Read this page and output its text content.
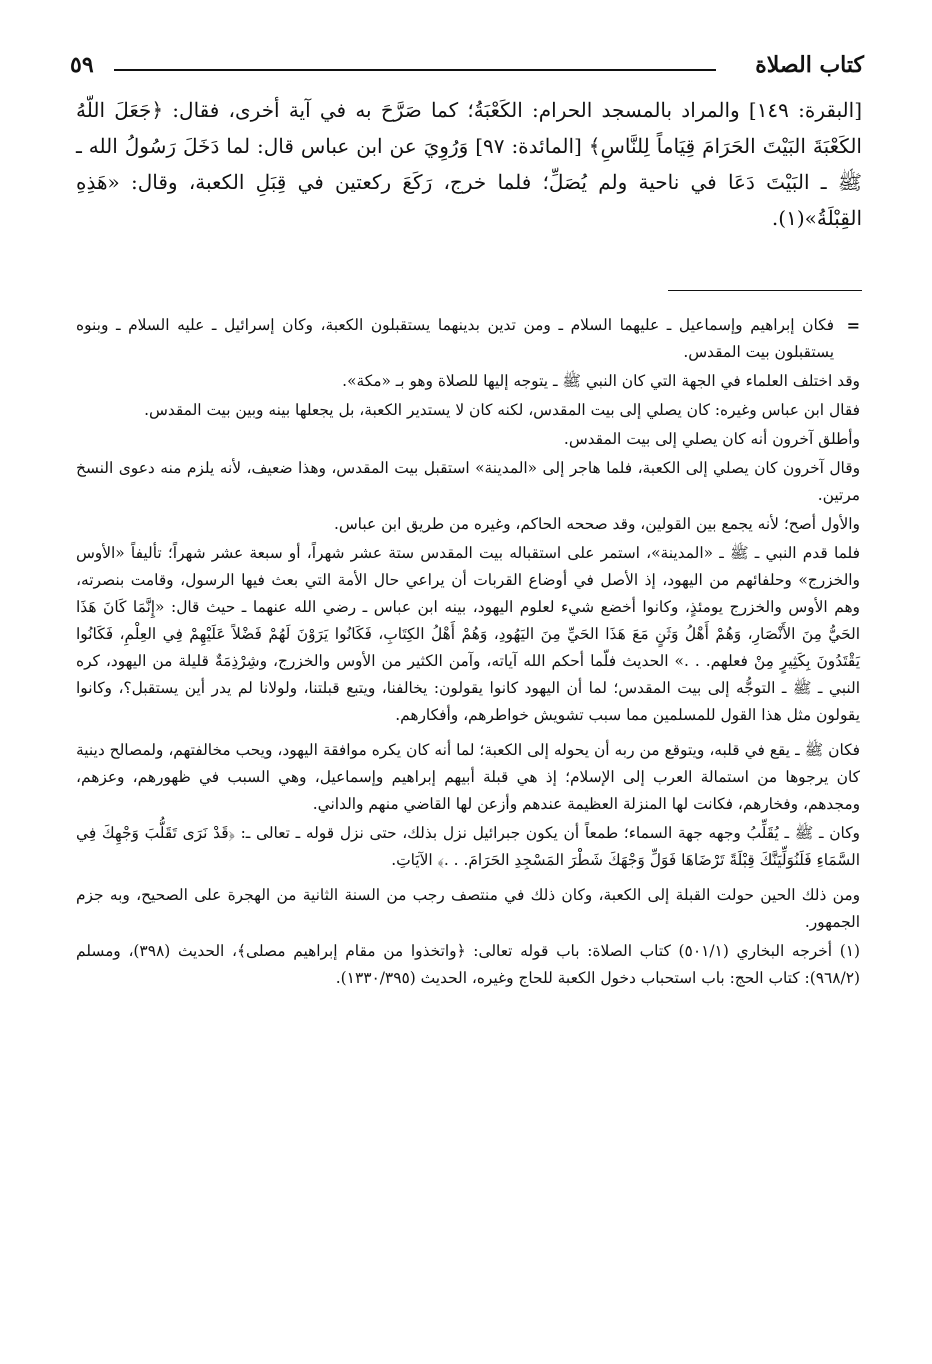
كتاب الصلاة
٥٩

[البقرة: ١٤٩] والمراد بالمسجد الحرام: الكَعْبَةُ؛ كما صَرَّحَ به في آية أخرى، فقال: ﴿جَعَلَ اللّهُ الكَعْبَةَ البَيْتَ الحَرَامَ قِيَاماً لِلنَّاسِ﴾ [المائدة: ٩٧] وَرُوِيَ عن ابن عباس قال: لما دَخَلَ رَسُولُ الله ـ ﷺ ـ البَيْتَ دَعَا في ناحية ولم يُصَلِّ؛ فلما خرج، رَكَعَ ركعتين في قِبَلِ الكعبة، وقال: «هَذِهِ القِبْلَةُ»(١).

=

فكان إبراهيم وإسماعيل ـ عليهما السلام ـ ومن تدين بدينهما يستقبلون الكعبة، وكان إسرائيل ـ عليه السلام ـ وبنوه يستقبلون بيت المقدس.

وقد اختلف العلماء في الجهة التي كان النبي ﷺ ـ يتوجه إليها للصلاة وهو بـ «مكة».

فقال ابن عباس وغيره: كان يصلي إلى بيت المقدس، لكنه كان لا يستدير الكعبة، بل يجعلها بينه وبين بيت المقدس.

وأطلق آخرون أنه كان يصلي إلى بيت المقدس.

وقال آخرون كان يصلي إلى الكعبة، فلما هاجر إلى «المدينة» استقبل بيت المقدس، وهذا ضعيف، لأنه يلزم منه دعوى النسخ مرتين.

والأول أصح؛ لأنه يجمع بين القولين، وقد صححه الحاكم، وغيره من طريق ابن عباس.

فلما قدم النبي ـ ﷺ ـ «المدينة»، استمر على استقباله بيت المقدس ستة عشر شهراً، أو سبعة عشر شهراً؛ تأليفاً «الأوس والخزرج» وحلفائهم من اليهود، إذ الأصل في أوضاع القربات أن يراعي حال الأمة التي بعث فيها الرسول، وقامت بنصرته، وهم الأوس والخزرج يومئذٍ، وكانوا أخضع شيء لعلوم اليهود، بينه ابن عباس ـ رضي الله عنهما ـ حيث قال: «إِنَّمَا كَانَ هَذَا الحَيُّ مِنَ الأَنْصَارِ، وَهُمْ أَهْلُ وَثَنٍ مَعَ هَذَا الحَيِّ مِنَ اليَهُودِ، وَهُمْ أَهْلُ الكِتَابِ، فَكَانُوا يَرَوْنَ لَهُمْ فَضْلاً عَلَيْهِمْ فِي العِلْمِ، فَكَانُوا يَقْتَدُونَ بِكَثِيرٍ مِنْ فعلهم. . .» الحديث فلّما أحكم الله آياته، وآمن الكثير من الأوس والخزرج، وشِرْذِمَةٌ قليلة من اليهود، كره النبي ـ ﷺ ـ التوجُّه إلى بيت المقدس؛ لما أن اليهود كانوا يقولون: يخالفنا، ويتبع قبلتنا، ولولانا لم يدر أين يستقبل؟، وكانوا يقولون مثل هذا القول للمسلمين مما سبب تشويش خواطرهم، وأفكارهم.

فكان ﷺ ـ يقع في قلبه، ويتوقع من ربه أن يحوله إلى الكعبة؛ لما أنه كان يكره موافقة اليهود، ويحب مخالفتهم، ولمصالح دينية كان يرجوها من استمالة العرب إلى الإسلام؛ إذ هي قبلة أبيهم إبراهيم وإسماعيل، وهي السبب في ظهورهم، وعزهم، ومجدهم، وفخارهم، فكانت لها المنزلة العظيمة عندهم وأزعن لها القاضي منهم والداني.

وكان ـ ﷺ ـ يُقَلِّبُ وجهه جهة السماء؛ طمعاً أن يكون جبرائيل نزل بذلك، حتى نزل قوله ـ تعالى ـ: ﴿قَدْ نَرَى تَقَلُّبَ وَجْهِكَ فِي السَّمَاءِ فَلَنُوَلِّيَنَّكَ قِبْلَةً تَرْضَاهَا فَوَلِّ وَجْهَكَ شَطْرَ المَسْجِدِ الحَرَامَ. . .﴾ الآيَاتِ.

ومن ذلك الحين حولت القبلة إلى الكعبة، وكان ذلك في منتصف رجب من السنة الثانية من الهجرة على الصحيح، وبه جزم الجمهور.

(١) أخرجه البخاري (٥٠١/١) كتاب الصلاة: باب قوله تعالى: ﴿واتخذوا من مقام إبراهيم مصلى﴾، الحديث (٣٩٨)، ومسلم (٩٦٨/٢): كتاب الحج: باب استحباب دخول الكعبة للحاج وغيره، الحديث (١٣٣٠/٣٩٥).
